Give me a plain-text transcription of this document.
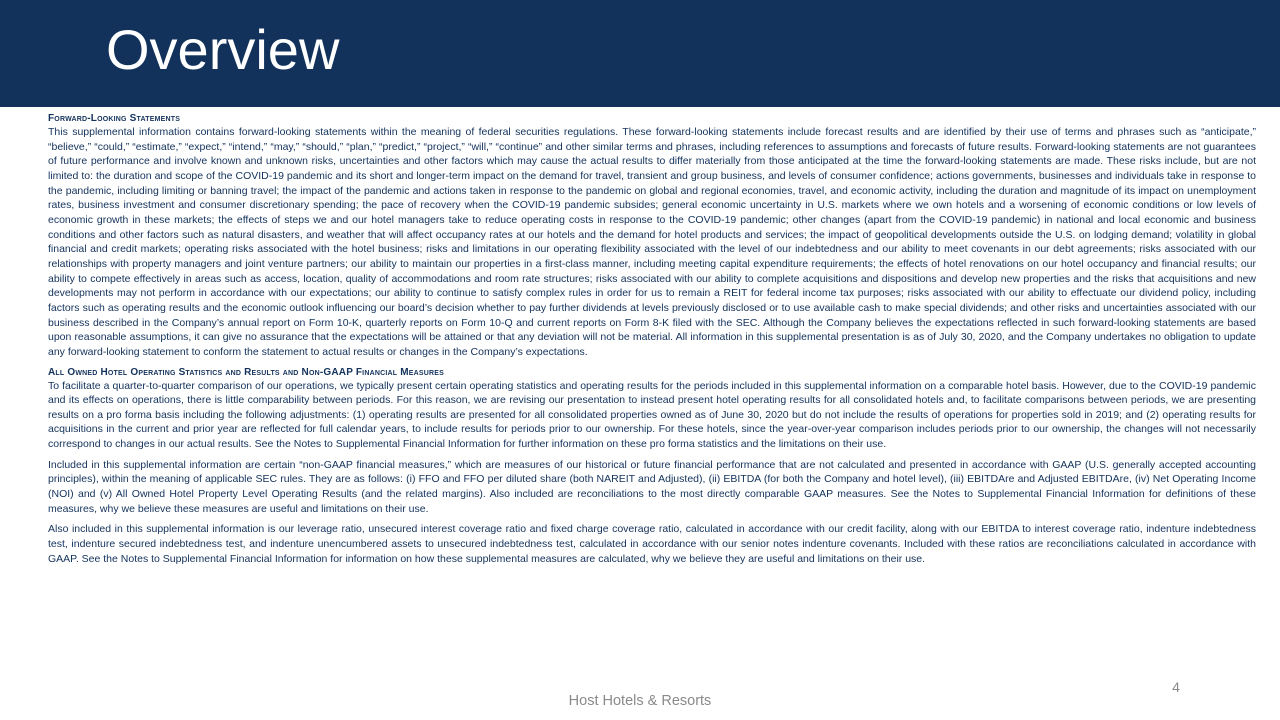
Overview
Forward-Looking Statements

This supplemental information contains forward-looking statements within the meaning of federal securities regulations. These forward-looking statements include forecast results and are identified by their use of terms and phrases such as “anticipate,” “believe,” “could,” “estimate,” “expect,” “intend,” “may,” “should,” “plan,” “predict,” “project,” “will,” “continue” and other similar terms and phrases, including references to assumptions and forecasts of future results. Forward-looking statements are not guarantees of future performance and involve known and unknown risks, uncertainties and other factors which may cause the actual results to differ materially from those anticipated at the time the forward-looking statements are made. These risks include, but are not limited to: the duration and scope of the COVID-19 pandemic and its short and longer-term impact on the demand for travel, transient and group business, and levels of consumer confidence; actions governments, businesses and individuals take in response to the pandemic, including limiting or banning travel; the impact of the pandemic and actions taken in response to the pandemic on global and regional economies, travel, and economic activity, including the duration and magnitude of its impact on unemployment rates, business investment and consumer discretionary spending; the pace of recovery when the COVID-19 pandemic subsides; general economic uncertainty in U.S. markets where we own hotels and a worsening of economic conditions or low levels of economic growth in these markets; the effects of steps we and our hotel managers take to reduce operating costs in response to the COVID-19 pandemic; other changes (apart from the COVID-19 pandemic) in national and local economic and business conditions and other factors such as natural disasters, and weather that will affect occupancy rates at our hotels and the demand for hotel products and services; the impact of geopolitical developments outside the U.S. on lodging demand; volatility in global financial and credit markets; operating risks associated with the hotel business; risks and limitations in our operating flexibility associated with the level of our indebtedness and our ability to meet covenants in our debt agreements; risks associated with our relationships with property managers and joint venture partners; our ability to maintain our properties in a first-class manner, including meeting capital expenditure requirements; the effects of hotel renovations on our hotel occupancy and financial results; our ability to compete effectively in areas such as access, location, quality of accommodations and room rate structures; risks associated with our ability to complete acquisitions and dispositions and develop new properties and the risks that acquisitions and new developments may not perform in accordance with our expectations; our ability to continue to satisfy complex rules in order for us to remain a REIT for federal income tax purposes; risks associated with our ability to effectuate our dividend policy, including factors such as operating results and the economic outlook influencing our board’s decision whether to pay further dividends at levels previously disclosed or to use available cash to make special dividends; and other risks and uncertainties associated with our business described in the Company’s annual report on Form 10-K, quarterly reports on Form 10-Q and current reports on Form 8-K filed with the SEC. Although the Company believes the expectations reflected in such forward-looking statements are based upon reasonable assumptions, it can give no assurance that the expectations will be attained or that any deviation will not be material. All information in this supplemental presentation is as of July 30, 2020, and the Company undertakes no obligation to update any forward-looking statement to conform the statement to actual results or changes in the Company’s expectations.

All Owned Hotel Operating Statistics and Results and Non-GAAP Financial Measures

To facilitate a quarter-to-quarter comparison of our operations, we typically present certain operating statistics and operating results for the periods included in this supplemental information on a comparable hotel basis. However, due to the COVID-19 pandemic and its effects on operations, there is little comparability between periods. For this reason, we are revising our presentation to instead present hotel operating results for all consolidated hotels and, to facilitate comparisons between periods, we are presenting results on a pro forma basis including the following adjustments: (1) operating results are presented for all consolidated properties owned as of June 30, 2020 but do not include the results of operations for properties sold in 2019; and (2) operating results for acquisitions in the current and prior year are reflected for full calendar years, to include results for periods prior to our ownership. For these hotels, since the year-over-year comparison includes periods prior to our ownership, the changes will not necessarily correspond to changes in our actual results. See the Notes to Supplemental Financial Information for further information on these pro forma statistics and the limitations on their use.

Included in this supplemental information are certain “non-GAAP financial measures,” which are measures of our historical or future financial performance that are not calculated and presented in accordance with GAAP (U.S. generally accepted accounting principles), within the meaning of applicable SEC rules. They are as follows: (i) FFO and FFO per diluted share (both NAREIT and Adjusted), (ii) EBITDA (for both the Company and hotel level), (iii) EBITDAre and Adjusted EBITDAre, (iv) Net Operating Income (NOI) and (v) All Owned Hotel Property Level Operating Results (and the related margins). Also included are reconciliations to the most directly comparable GAAP measures. See the Notes to Supplemental Financial Information for definitions of these measures, why we believe these measures are useful and limitations on their use.

Also included in this supplemental information is our leverage ratio, unsecured interest coverage ratio and fixed charge coverage ratio, calculated in accordance with our credit facility, along with our EBITDA to interest coverage ratio, indenture indebtedness test, indenture secured indebtedness test, and indenture unencumbered assets to unsecured indebtedness test, calculated in accordance with our senior notes indenture covenants. Included with these ratios are reconciliations calculated in accordance with GAAP. See the Notes to Supplemental Financial Information for information on how these supplemental measures are calculated, why we believe they are useful and limitations on their use.

4
Host Hotels & Resorts
